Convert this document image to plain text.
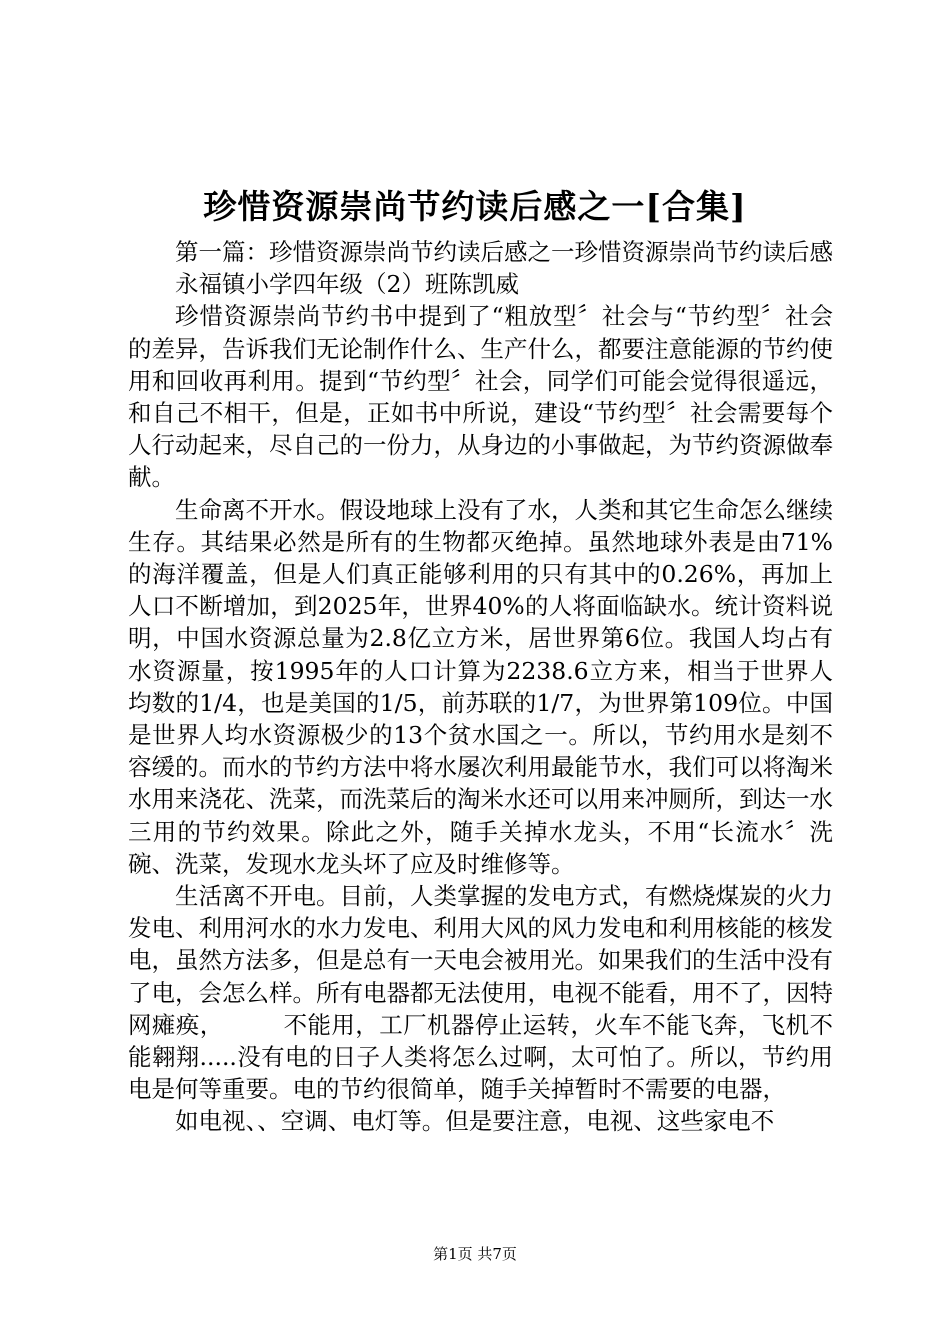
珍惜资源崇尚节约读后感之一[合集]

第一篇：珍惜资源崇尚节约读后感之一珍惜资源崇尚节约读后感

永福镇小学四年级（2）班陈凯威

珍惜资源崇尚节约书中提到了“粗放型〞社会与“节约型〞社会的差异，告诉我们无论制作什么、生产什么，都要注意能源的节约使用和回收再利用。提到“节约型〞社会，同学们可能会觉得很遥远，和自己不相干，但是，正如书中所说，建设“节约型〞社会需要每个人行动起来，尽自己的一份力，从身边的小事做起，为节约资源做奉献。

生命离不开水。假设地球上没有了水，人类和其它生命怎么继续生存。其结果必然是所有的生物都灭绝掉。虽然地球外表是由71%的海洋覆盖，但是人们真正能够利用的只有其中的0.26%，再加上人口不断增加，到2025年，世界40%的人将面临缺水。统计资料说明，中国水资源总量为2.8亿立方米，居世界第6位。我国人均占有水资源量，按1995年的人口计算为2238.6立方来，相当于世界人均数的1/4，也是美国的1/5，前苏联的1/7，为世界第109位。中国是世界人均水资源极少的13个贫水国之一。所以，节约用水是刻不容缓的。而水的节约方法中将水屡次利用最能节水，我们可以将淘米水用来浇花、洗菜，而洗菜后的淘米水还可以用来冲厕所，到达一水三用的节约效果。除此之外，随手关掉水龙头，不用“长流水〞洗碗、洗菜，发现水龙头坏了应及时维修等。

生活离不开电。目前，人类掌握的发电方式，有燃烧煤炭的火力发电、利用河水的水力发电、利用大风的风力发电和利用核能的核发电，虽然方法多，但是总有一天电会被用光。如果我们的生活中没有了电，会怎么样。所有电器都无法使用，电视不能看，用不了，因特网瘫痪，　　　不能用，工厂机器停止运转，火车不能飞奔，飞机不能翱翔.....没有电的日子人类将怎么过啊，太可怕了。所以，节约用电是何等重要。电的节约很简单，随手关掉暂时不需要的电器，

如电视、、空调、电灯等。但是要注意，电视、这些家电不

第1页 共7页
